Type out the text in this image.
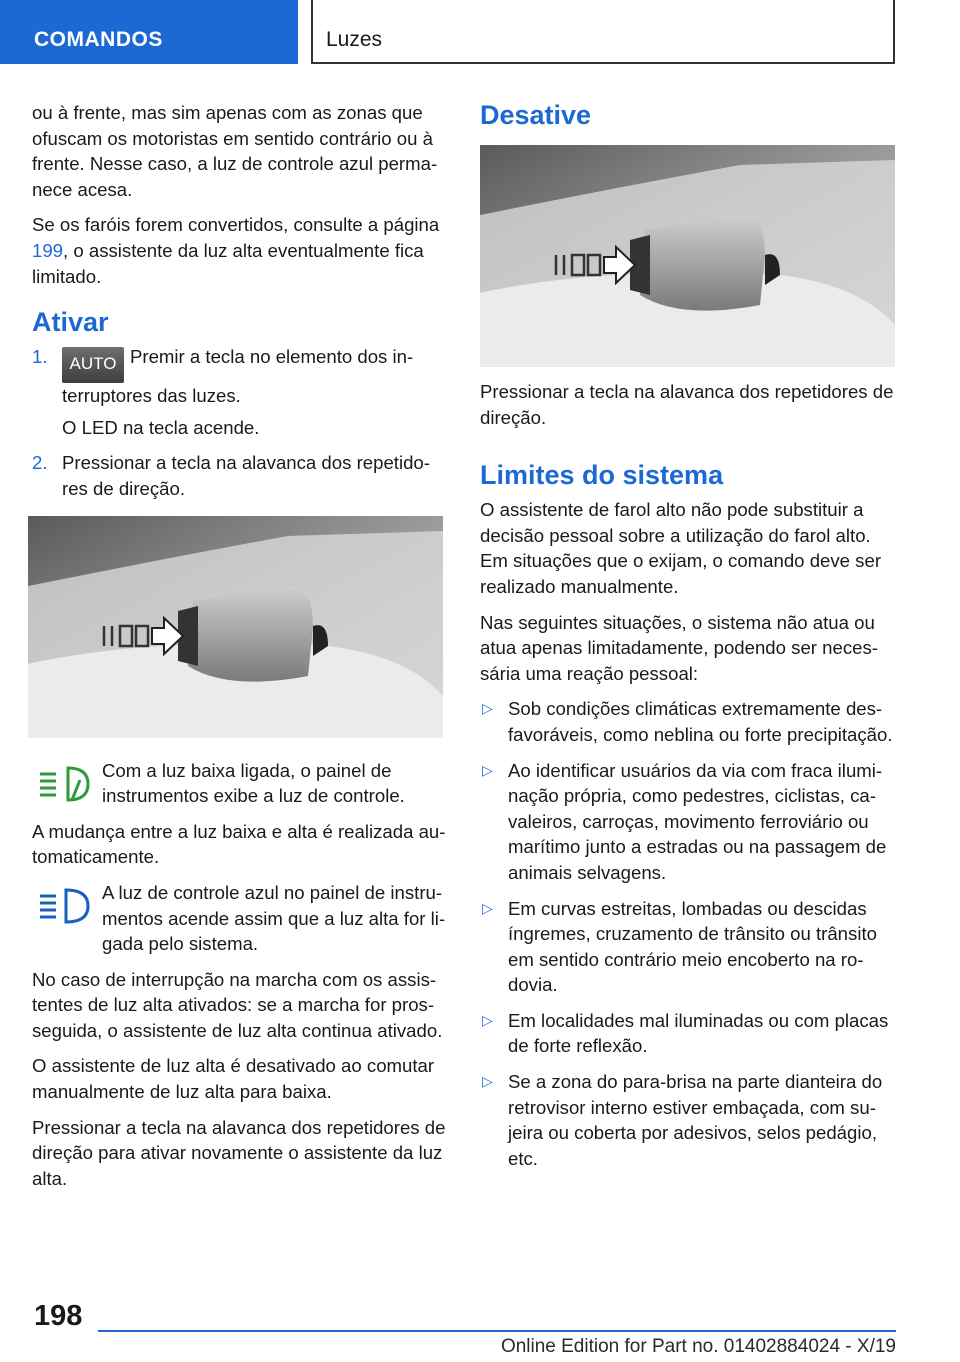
COMANDOS	Luzes

ou à frente, mas sim apenas com as zonas que ofuscam os motoristas em sentido contrário ou à frente. Nesse caso, a luz de controle azul permanece acesa.

Se os faróis forem convertidos, consulte a página 199, o assistente da luz alta eventualmente fica limitado.

Ativar
1.	AUTO Premir a tecla no elemento dos interruptores das luzes.

O LED na tecla acende.

2. Pressionar a tecla na alavanca dos repetidores de direção.

Com a luz baixa ligada, o painel de instrumentos exibe a luz de controle.

A mudança entre a luz baixa e alta é realizada automaticamente.

A luz de controle azul no painel de instrumentos acende assim que a luz alta for ligada pelo sistema.

No caso de interrupção na marcha com os assistentes de luz alta ativados: se a marcha for prosseguida, o assistente de luz alta continua ativado.

O assistente de luz alta é desativado ao comutar manualmente de luz alta para baixa.

Pressionar a tecla na alavanca dos repetidores de direção para ativar novamente o assistente da luz alta.

Desative

Pressionar a tecla na alavanca dos repetidores de direção.

Limites do sistema

O assistente de farol alto não pode substituir a decisão pessoal sobre a utilização do farol alto. Em situações que o exijam, o comando deve ser realizado manualmente.

Nas seguintes situações, o sistema não atua ou atua apenas limitadamente, podendo ser necessária uma reação pessoal:

▷ Sob condições climáticas extremamente desfavoráveis, como neblina ou forte precipitação.

▷ Ao identificar usuários da via com fraca iluminação própria, como pedestres, ciclistas, cavaleiros, carroças, movimento ferroviário ou marítimo junto a estradas ou na passagem de animais selvagens.

▷ Em curvas estreitas, lombadas ou descidas íngremes, cruzamento de trânsito ou trânsito em sentido contrário meio encoberto na rodovia.

▷ Em localidades mal iluminadas ou com placas de forte reflexão.

▷ Se a zona do para-brisa na parte dianteira do retrovisor interno estiver embaçada, com sujeira ou coberta por adesivos, selos pedágio, etc.

198
Online Edition for Part no. 01402884024 - X/19
